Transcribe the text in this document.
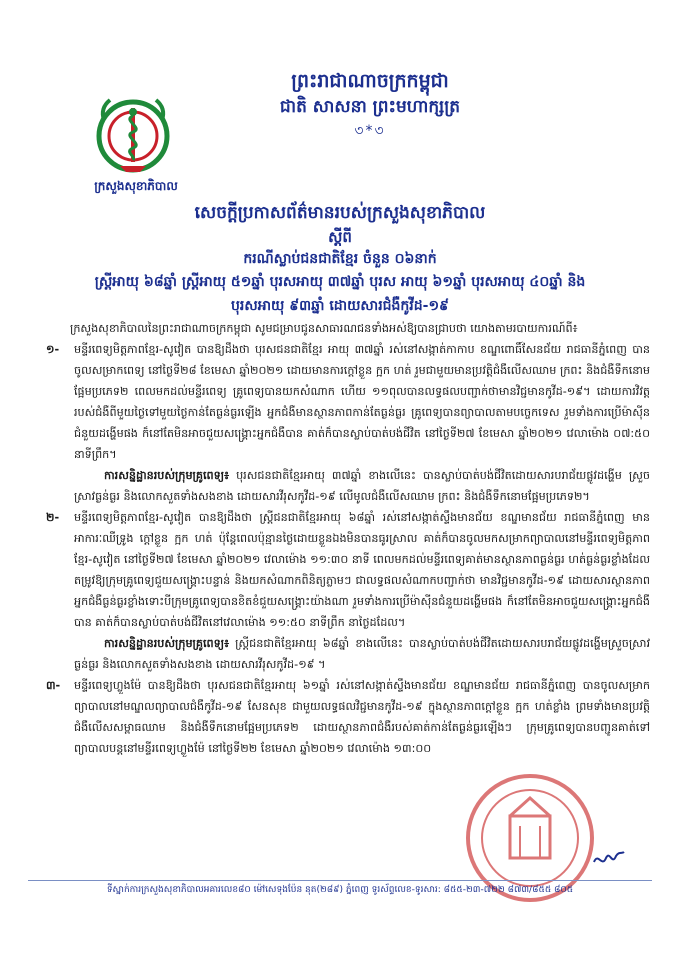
ក្រសួងសុខាភិបាល
ព្រះរាជាណាចក្រកម្ពុជា
ជាតិ សាសនា ព្រះមហាក្សត្រ
৩*৩
សេចក្តីប្រកាសព័ត៌មានរបស់ក្រសួងសុខាភិបាល
ស្តីពី
ករណីស្លាប់ជនជាតិខ្មែរ ចំនួន ០៦នាក់
ស្ត្រីអាយុ ៦៨ឆ្នាំ ស្ត្រីអាយុ ៥១ឆ្នាំ បុរសអាយុ ៣៧ឆ្នាំ បុរស អាយុ ៦១ឆ្នាំ បុរសអាយុ ៤០ឆ្នាំ និង
បុរសអាយុ ៩៣ឆ្នាំ ដោយសារជំងឺកូវីដ-១៩

ក្រសួងសុខាភិបាលនៃព្រះរាជាណាចក្រកម្ពុជា សូមជម្រាបជូនសាធារណជនទាំងអស់ឱ្យបានជ្រាបថា យោងតាមរបាយការណ៍ពី៖

១- មន្ទីរពេទ្យមិត្តភាពខ្មែរ-សូវៀត បានឱ្យដឹងថា បុរសជនជាតិខ្មែរ អាយុ ៣៧ឆ្នាំ រស់នៅសង្កាត់កាកាប ខណ្ឌពោធិ៍សែនជ័យ រាជធានីភ្នំពេញ បានចូលសម្រាកពេទ្យ នៅថ្ងៃទី២៨ ខែមេសា ឆ្នាំ២០២១ ដោយមានការក្តៅខ្លួន ក្អក ហត់ រួមជាមួយមានប្រវត្តិជំងឺលើសឈាម ក្រពះ និងជំងឺទឹកនោមផ្អែមប្រភេទ២ ពេលមកដល់មន្ទីរពេទ្យ គ្រូពេទ្យបានយកសំណាក ហើយ ១១ពុលបានលទ្ធផលបញ្ជាក់ថាមានវិជ្ជមានកូវីដ-១៩។ ដោយការវិវត្តរបស់ជំងឺពីមួយថ្ងៃទៅមួយថ្ងៃកាន់តែធ្ងន់ធ្ងរឡើង អ្នកជំងឺមានស្ថានភាពកាន់តែធ្ងន់ធ្ងរ គ្រូពេទ្យបានព្យាបាលតាមបច្ចេកទេស រួមទាំងការប្រើម៉ាស៊ីនជំនួយដង្ហើមផង ក៏នៅតែមិនអាចជួយសង្គ្រោះអ្នកជំងឺបាន គាត់ក៏បានស្លាប់បាត់បង់ជីវិត នៅថ្ងៃទី២៧ ខែមេសា ឆ្នាំ២០២១ វេលាម៉ោង ០៧:៥០ នាទីព្រឹក។

ការសន្និដ្ឋានរបស់ក្រុមគ្រូពេទ្យ៖ បុរសជនជាតិខ្មែរអាយុ ៣៧ឆ្នាំ ខាងលើនេះ បានស្លាប់បាត់បង់ជីវិតដោយសារបរាជ័យផ្លូវដង្ហើម ស្រួចស្រាវធ្ងន់ធ្ងរ និងលោកសួតទាំងសងខាង ដោយសារវីរុសកូវីដ-១៩ លើមូលជំងឺលើសឈាម ក្រពះ និងជំងឺទឹកនោមផ្អែមប្រភេទ២។

២- មន្ទីរពេទ្យមិត្តភាពខ្មែរ-សូវៀត បានឱ្យដឹងថា ស្ត្រីជនជាតិខ្មែរអាយុ ៦៨ឆ្នាំ រស់នៅសង្កាត់ស្ទឹងមានជ័យ ខណ្ឌមានជ័យ រាជធានីភ្នំពេញ មានអាការៈឈឺទ្រូង ក្តៅខ្លួន ក្អក ហត់ ប៉ុន្តែពេលប៉ុន្មានថ្ងៃដោយខ្លួនឯងមិនបានធូរស្រាល គាត់ក៏បានចូលមកសម្រាកព្យាបាលនៅមន្ទីរពេទ្យមិត្តភាពខ្មែរ-សូវៀត នៅថ្ងៃទី២៧ ខែមេសា ឆ្នាំ២០២១ វេលាម៉ោង ១១:៣០ នាទី ពេលមកដល់មន្ទីរពេទ្យគាត់មានស្ថានភាពធ្ងន់ធ្ងរ ហត់ធ្ងន់ធ្ងរខ្លាំងដែលតម្រូវឱ្យក្រុមគ្រូពេទ្យជួយសង្គ្រោះបន្ទាន់ និងយកសំណាកពិនិត្យភ្លាមៗ ជាលទ្ធផលសំណាកបញ្ជាក់ថា មានវិជ្ជមានកូវីដ-១៩ ដោយសារស្ថានភាពអ្នកជំងឺធ្ងន់ធ្ងរខ្លាំងទោះបីក្រុមគ្រូពេទ្យបានខិតខំជួយសង្គ្រោះយ៉ាងណា រួមទាំងការប្រើម៉ាស៊ីនជំនួយដង្ហើមផង ក៏នៅតែមិនអាចជួយសង្គ្រោះអ្នកជំងឺបាន គាត់ក៏បានស្លាប់បាត់បង់ជីវិតនៅវេលាម៉ោង ១១:៥០ នាទីព្រឹក នាថ្ងៃដដែល។

ការសន្និដ្ឋានរបស់ក្រុមគ្រូពេទ្យ៖ ស្ត្រីជនជាតិខ្មែរអាយុ ៦៨ឆ្នាំ ខាងលើនេះ បានស្លាប់បាត់បង់ជីវិតដោយសារបរាជ័យផ្លូវដង្ហើមស្រួចស្រាវធ្ងន់ធ្ងរ និងលោកសួតទាំងសងខាង ដោយសារវីរុសកូវីដ-១៩ ។

៣- មន្ទីរពេទ្យហ្លួងម៉ែ បានឱ្យដឹងថា បុរសជនជាតិខ្មែរអាយុ ៦១ឆ្នាំ រស់នៅសង្កាត់ស្ទឹងមានជ័យ ខណ្ឌមានជ័យ រាជធានីភ្នំពេញ បានចូលសម្រាកព្យាបាលនៅមណ្ឌលព្យាបាលជំងឺកូវីដ-១៩ សែនសុខ ជាមួយលទ្ធផលវិជ្ជមានកូវីដ-១៩ ក្នុងស្ថានភាពក្តៅខ្លួន ក្អក ហត់ខ្លាំង ព្រមទាំងមានប្រវត្តិជំងឺលើសសម្ពាធឈាម និងជំងឺទឹកនោមផ្អែមប្រភេទ២ ដោយស្ថានភាពជំងឺរបស់គាត់កាន់តែធ្ងន់ធ្ងរឡើងៗ ក្រុមគ្រូពេទ្យបានបញ្ជូនគាត់ទៅព្យាបាលបន្តនៅមន្ទីរពេទ្យហ្លួងម៉ែ នៅថ្ងៃទី២២ ខែមេសា ឆ្នាំ២០២១ វេលាម៉ោង ១៣:០០

ទីស្នាក់ការក្រសួងសុខាភិបាលអគារលេខ៨០ ម៉ៅសេទុងប៉ែន នុត(២៨៩) ភ្នំពេញ ទូរស័ព្ទលេខ-ទូរសារ: ៨៥៥-២៣-៧២២ ៨៧៣/៨៥៥ ៨០៥
